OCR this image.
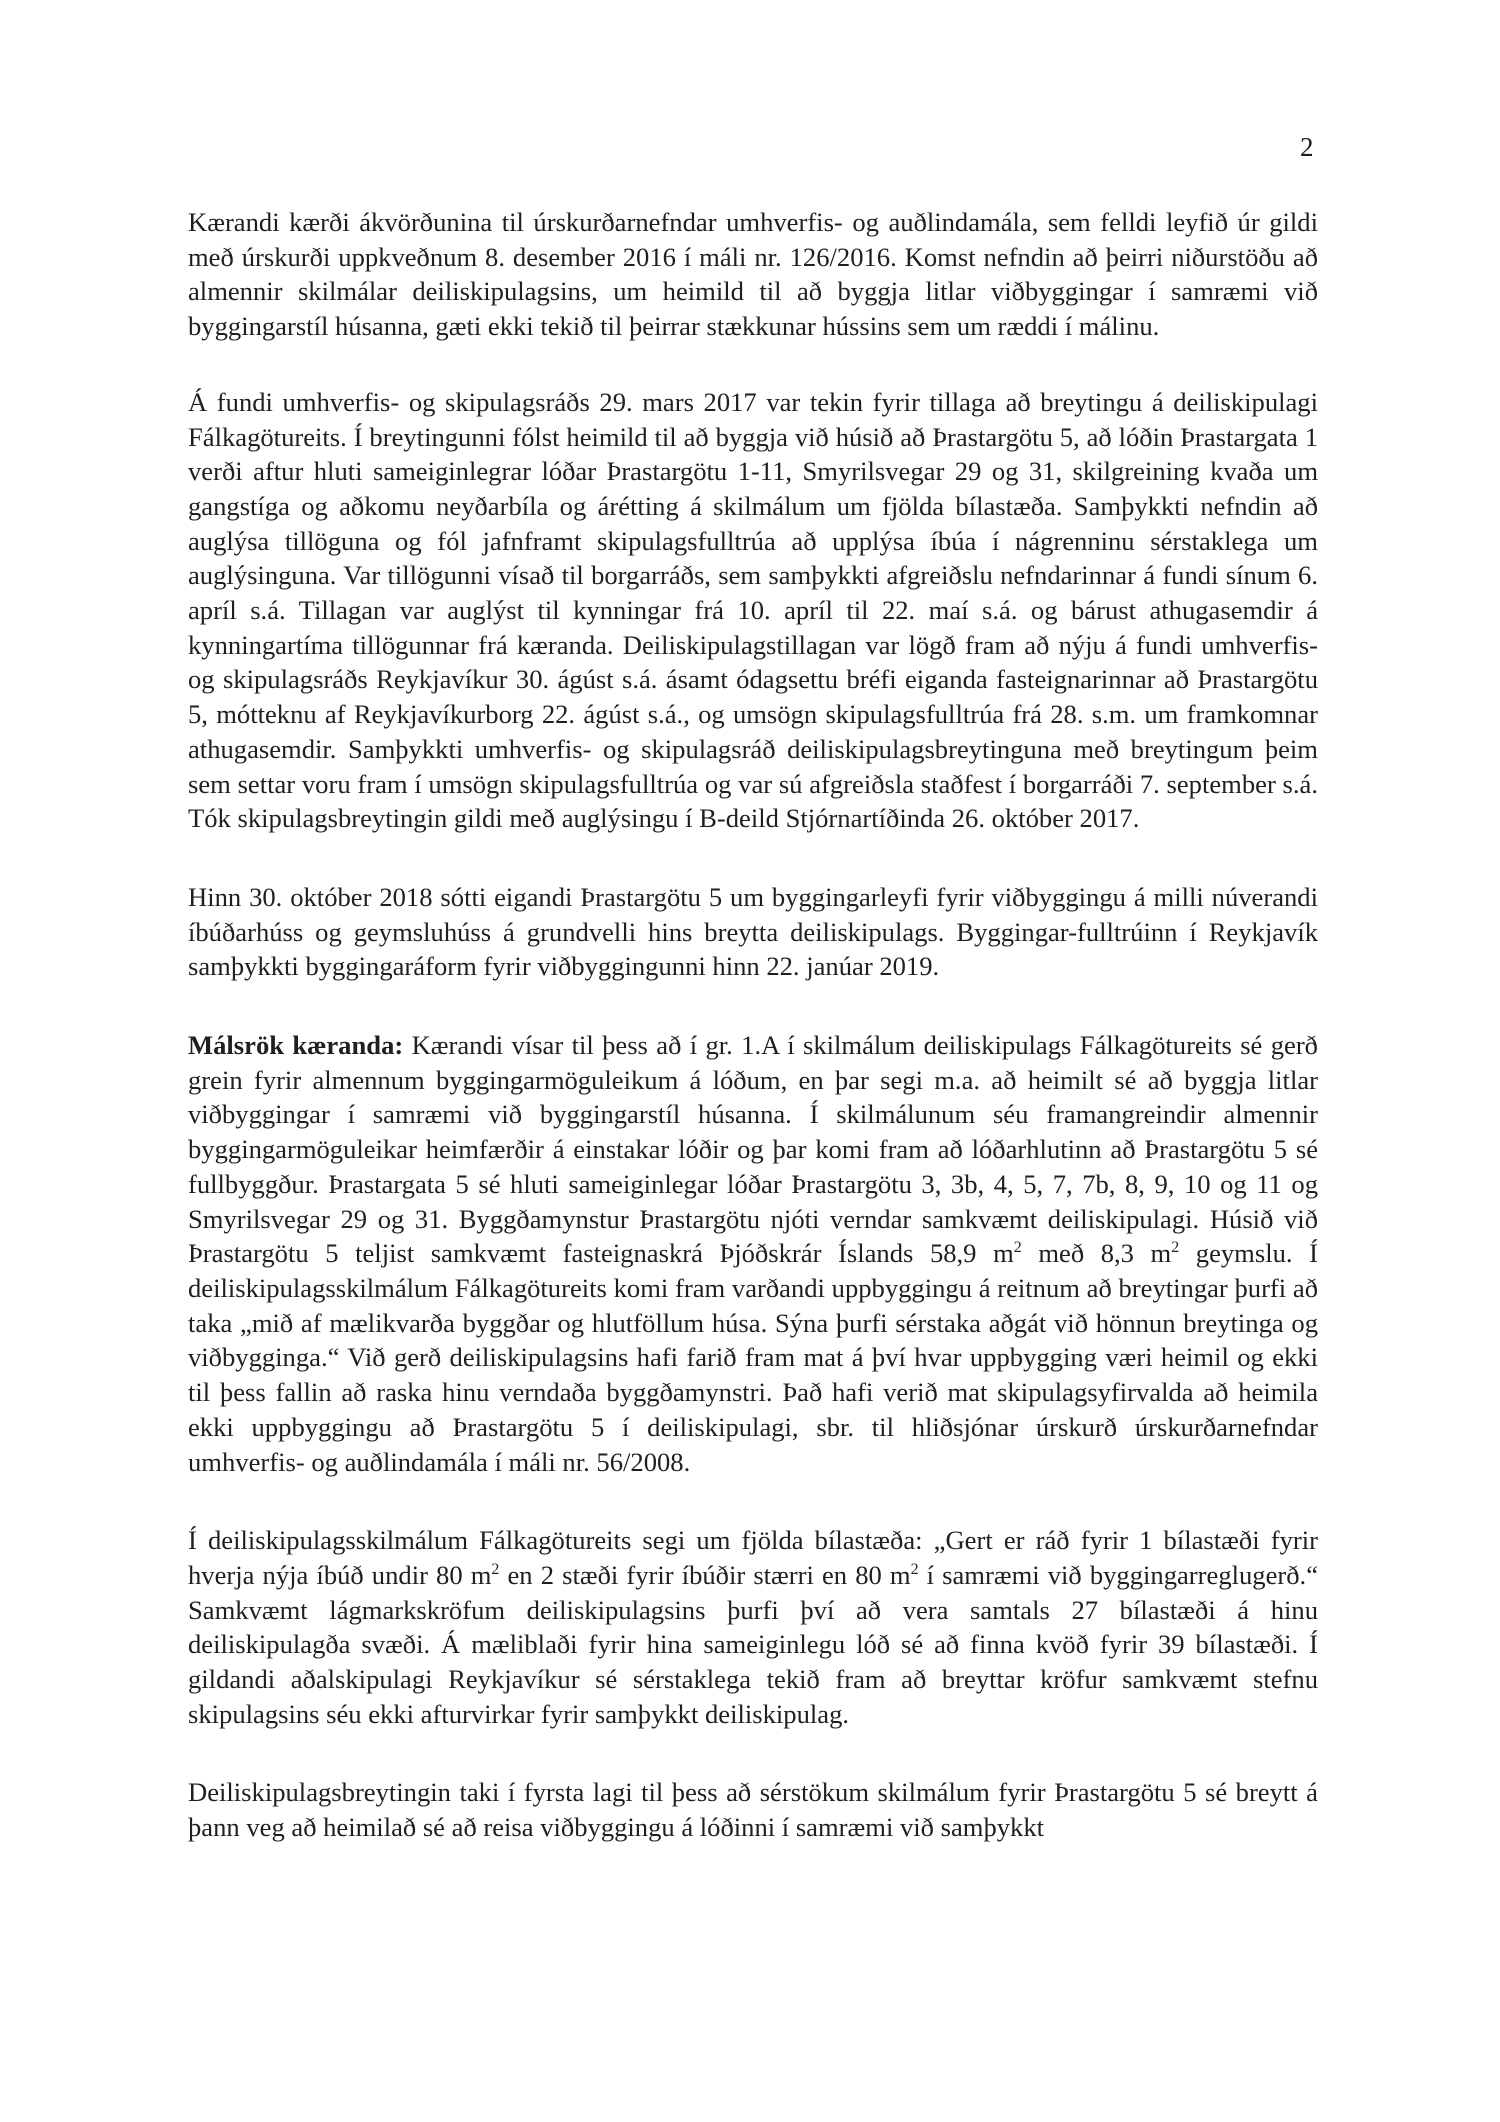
2

Kærandi kærði ákvörðunina til úrskurðarnefndar umhverfis- og auðlindamála, sem felldi leyfið úr gildi með úrskurði uppkveðnum 8. desember 2016 í máli nr. 126/2016. Komst nefndin að þeirri niðurstöðu að almennir skilmálar deiliskipulagsins, um heimild til að byggja litlar viðbyggingar í samræmi við byggingarstíl húsanna, gæti ekki tekið til þeirrar stækkunar hússins sem um ræddi í málinu.

Á fundi umhverfis- og skipulagsráðs 29. mars 2017 var tekin fyrir tillaga að breytingu á deiliskipulagi Fálkagötureits. Í breytingunni fólst heimild til að byggja við húsið að Þrastargötu 5, að lóðin Þrastargata 1 verði aftur hluti sameiginlegrar lóðar Þrastargötu 1-11, Smyrilsvegar 29 og 31, skilgreining kvaða um gangstíga og aðkomu neyðarbíla og árétting á skilmálum um fjölda bílastæða. Samþykkti nefndin að auglýsa tillöguna og fól jafnframt skipulagsfulltrúa að upplýsa íbúa í nágrenninu sérstaklega um auglýsinguna. Var tillögunni vísað til borgarráðs, sem samþykkti afgreiðslu nefndarinnar á fundi sínum 6. apríl s.á. Tillagan var auglýst til kynningar frá 10. apríl til 22. maí s.á. og bárust athugasemdir á kynningartíma tillögunnar frá kæranda. Deiliskipulagstillagan var lögð fram að nýju á fundi umhverfis- og skipulagsráðs Reykjavíkur 30. ágúst s.á. ásamt ódagsettu bréfi eiganda fasteignarinnar að Þrastargötu 5, mótteknu af Reykjavíkurborg 22. ágúst s.á., og umsögn skipulagsfulltrúa frá 28. s.m. um framkomnar athugasemdir. Samþykkti umhverfis- og skipulagsráð deiliskipulagsbreytinguna með breytingum þeim sem settar voru fram í umsögn skipulagsfulltrúa og var sú afgreiðsla staðfest í borgarráði 7. september s.á. Tók skipulagsbreytingin gildi með auglýsingu í B-deild Stjórnartíðinda 26. október 2017.

Hinn 30. október 2018 sótti eigandi Þrastargötu 5 um byggingarleyfi fyrir viðbyggingu á milli núverandi íbúðarhúss og geymsluhúss á grundvelli hins breytta deiliskipulags. Byggingar-fulltrúinn í Reykjavík samþykkti byggingaráform fyrir viðbyggingunni hinn 22. janúar 2019.

Málsrök kæranda: Kærandi vísar til þess að í gr. 1.A í skilmálum deiliskipulags Fálkagötureits sé gerð grein fyrir almennum byggingarmöguleikum á lóðum, en þar segi m.a. að heimilt sé að byggja litlar viðbyggingar í samræmi við byggingarstíl húsanna. Í skilmálunum séu framangreindir almennir byggingarmöguleikar heimfærðir á einstakar lóðir og þar komi fram að lóðarhlutinn að Þrastargötu 5 sé fullbyggður. Þrastargata 5 sé hluti sameiginlegar lóðar Þrastargötu 3, 3b, 4, 5, 7, 7b, 8, 9, 10 og 11 og Smyrilsvegar 29 og 31. Byggðamynstur Þrastargötu njóti verndar samkvæmt deiliskipulagi. Húsið við Þrastargötu 5 teljist samkvæmt fasteignaskrá Þjóðskrár Íslands 58,9 $m^2$ með 8,3 $m^2$ geymslu. Í deiliskipulagsskilmálum Fálkagötureits komi fram varðandi uppbyggingu á reitnum að breytingar þurfi að taka „mið af mælikvarða byggðar og hlutföllum húsa. Sýna þurfi sérstaka aðgát við hönnun breytinga og viðbygginga.“ Við gerð deiliskipulagsins hafi farið fram mat á því hvar uppbygging væri heimil og ekki til þess fallin að raska hinu verndaða byggðamynstri. Það hafi verið mat skipulagsyfirvalda að heimila ekki uppbyggingu að Þrastargötu 5 í deiliskipulagi, sbr. til hliðsjónar úrskurð úrskurðarnefndar umhverfis- og auðlindamála í máli nr. 56/2008.

Í deiliskipulagsskilmálum Fálkagötureits segi um fjölda bílastæða: „Gert er ráð fyrir 1 bílastæði fyrir hverja nýja íbúð undir 80 $m^2$ en 2 stæði fyrir íbúðir stærri en 80 $m^2$ í samræmi við byggingarreglugerð.“ Samkvæmt lágmarkskröfum deiliskipulagsins þurfi því að vera samtals 27 bílastæði á hinu deiliskipulagða svæði. Á mæliblaði fyrir hina sameiginlegu lóð sé að finna kvöð fyrir 39 bílastæði. Í gildandi aðalskipulagi Reykjavíkur sé sérstaklega tekið fram að breyttar kröfur samkvæmt stefnu skipulagsins séu ekki afturvirkar fyrir samþykkt deiliskipulag.

Deiliskipulagsbreytingin taki í fyrsta lagi til þess að sérstökum skilmálum fyrir Þrastargötu 5 sé breytt á þann veg að heimilað sé að reisa viðbyggingu á lóðinni í samræmi við samþykkt
